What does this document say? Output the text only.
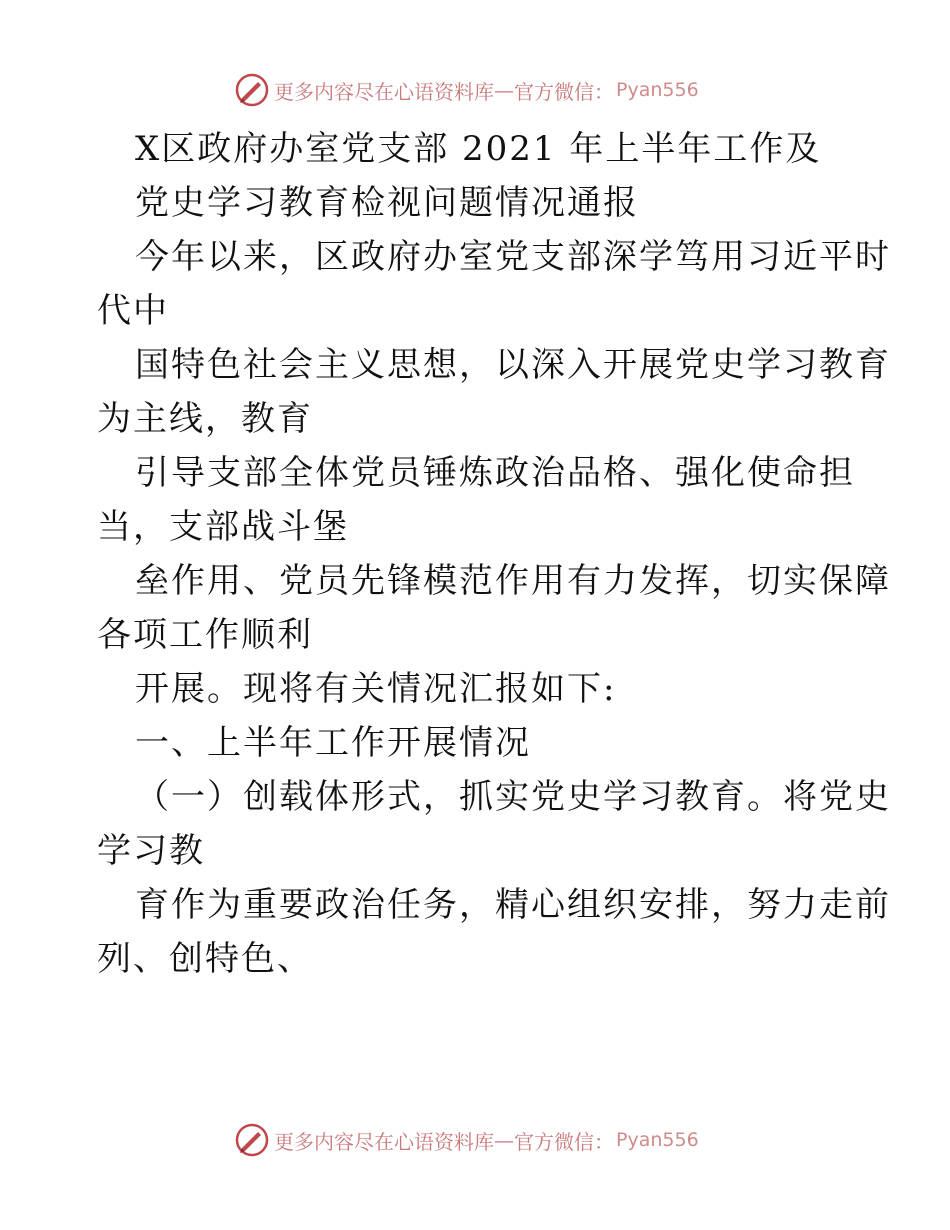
更多内容尽在心语资料库 — 官方微信： Pyan556
X区政府办室党支部 2021 年上半年工作及
党史学习教育检视问题情况通报
今年以来，区政府办室党支部深学笃用习近平时
代中
国特色社会主义思想，以深入开展党史学习教育
为主线，教育
引导支部全体党员锤炼政治品格、强化使命担
当，支部战斗堡
垒作用、党员先锋模范作用有力发挥，切实保障
各项工作顺利
开展。现将有关情况汇报如下:
一、上半年工作开展情况
（一）创载体形式，抓实党史学习教育。将党史
学习教
育作为重要政治任务，精心组织安排，努力走前
列、创特色、
更多内容尽在心语资料库 — 官方微信： Pyan556
